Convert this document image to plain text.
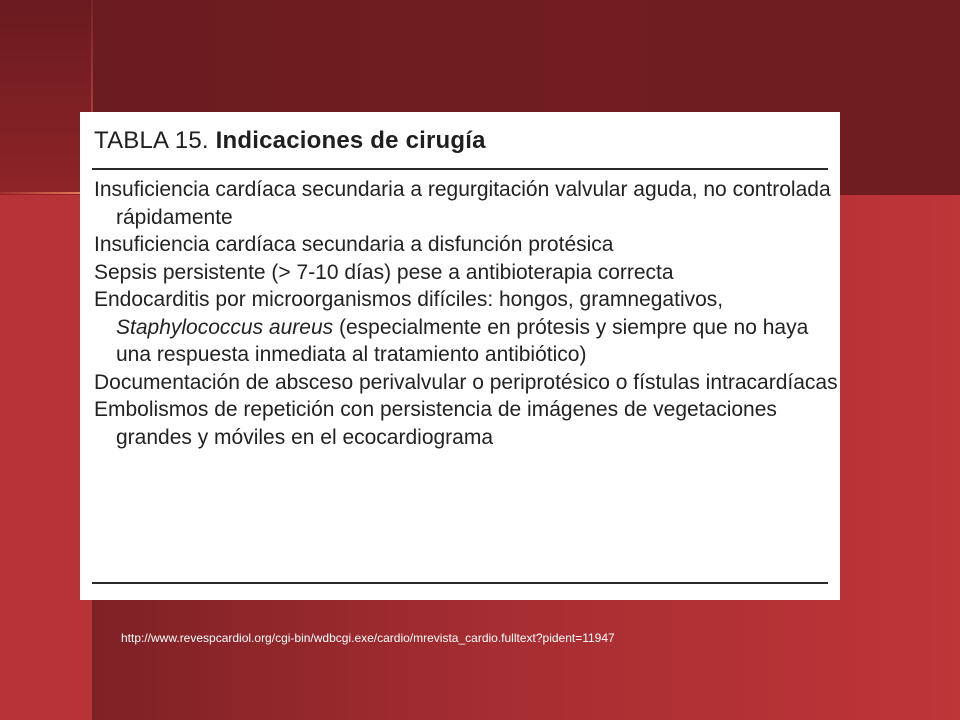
TABLA 15. Indicaciones de cirugía
Insuficiencia cardíaca secundaria a regurgitación valvular aguda, no controlada rápidamente
Insuficiencia cardíaca secundaria a disfunción protésica
Sepsis persistente (> 7-10 días) pese a antibioterapia correcta
Endocarditis por microorganismos difíciles: hongos, gramnegativos, Staphylococcus aureus (especialmente en prótesis y siempre que no haya una respuesta inmediata al tratamiento antibiótico)
Documentación de absceso perivalvular o periprotésico o fístulas intracardíacas
Embolismos de repetición con persistencia de imágenes de vegetaciones grandes y móviles en el ecocardiograma
http://www.revespcardiol.org/cgi-bin/wdbcgi.exe/cardio/mrevista_cardio.fulltext?pident=11947
